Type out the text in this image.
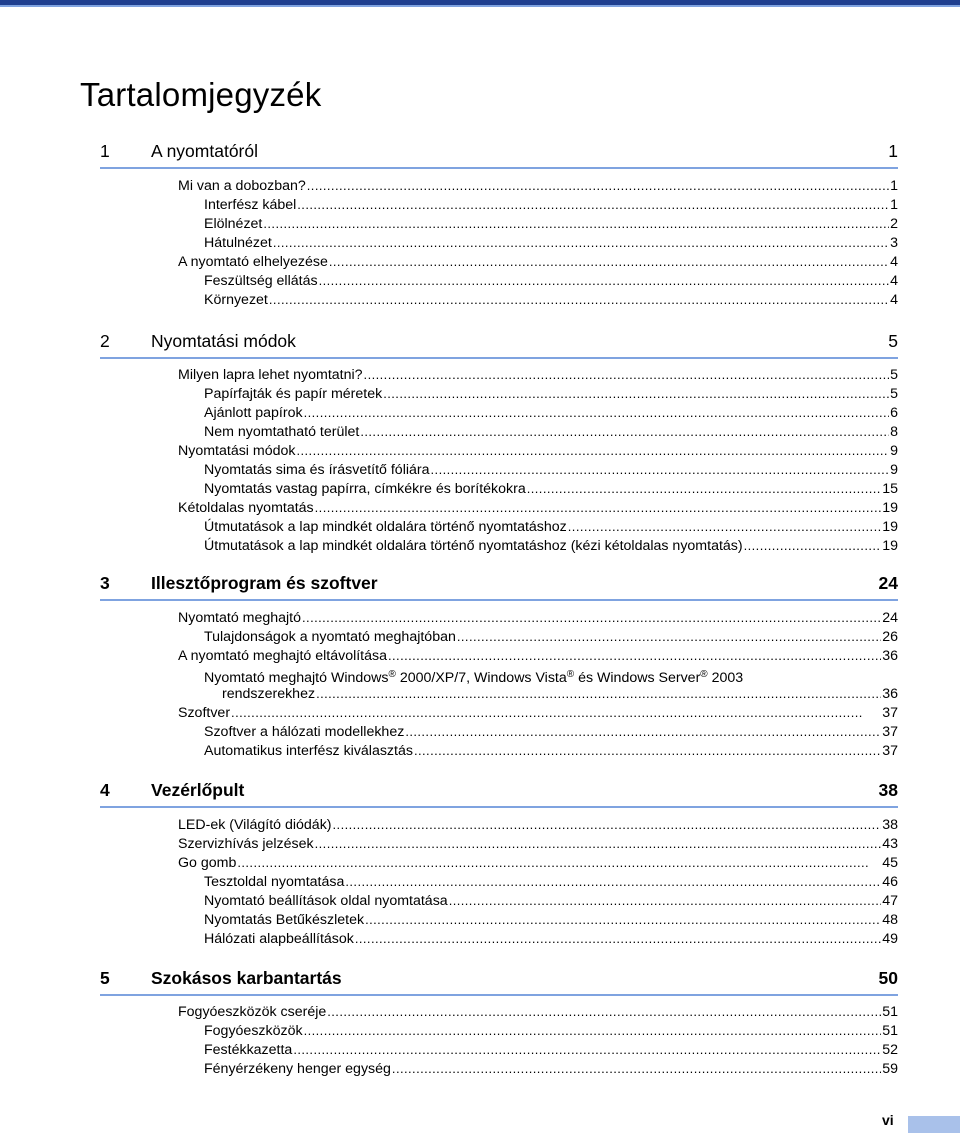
Tartalomjegyzék
1 A nyomtatóról	1
Mi van a dobozban? . . .	1
Interfész kábel . . .	1
Elölnézet . . .	2
Hátulnézet . . .	3
A nyomtató elhelyezése . . .	4
Feszültség ellátás . . .	4
Környezet . . .	4
2 Nyomtatási módok	5
Milyen lapra lehet nyomtatni? . . .	5
Papírfajták és papír méretek . . .	5
Ajánlott papírok . . .	6
Nem nyomtatható terület . . .	8
Nyomtatási módok . . .	9
Nyomtatás sima és írásvetítő fóliára . . .	9
Nyomtatás vastag papírra, címkékre és borítékokra . . .	15
Kétoldalas nyomtatás . . .	19
Útmutatások a lap mindkét oldalára történő nyomtatáshoz . . .	19
Útmutatások a lap mindkét oldalára történő nyomtatáshoz (kézi kétoldalas nyomtatás) . . .	19
3 Illesztőprogram és szoftver	24
Nyomtató meghajtó . . .	24
Tulajdonságok a nyomtató meghajtóban . . .	26
A nyomtató meghajtó eltávolítása . . .	36
Nyomtató meghajtó Windows® 2000/XP/7, Windows Vista® és Windows Server® 2003
rendszerekhez . . .	36
Szoftver . . .	37
Szoftver a hálózati modellekhez . . .	37
Automatikus interfész kiválasztás . . .	37
4 Vezérlőpult	38
LED-ek (Világító diódák) . . .	38
Szervizhívás jelzések . . .	43
Go gomb . . .	45
Tesztoldal nyomtatása . . .	46
Nyomtató beállítások oldal nyomtatása . . .	47
Nyomtatás Betűkészletek . . .	48
Hálózati alapbeállítások . . .	49
5 Szokásos karbantartás	50
Fogyóeszközök cseréje . . .	51
Fogyóeszközök . . .	51
Festékkazetta . . .	52
Fényérzékeny henger egység . . .	59
vi
